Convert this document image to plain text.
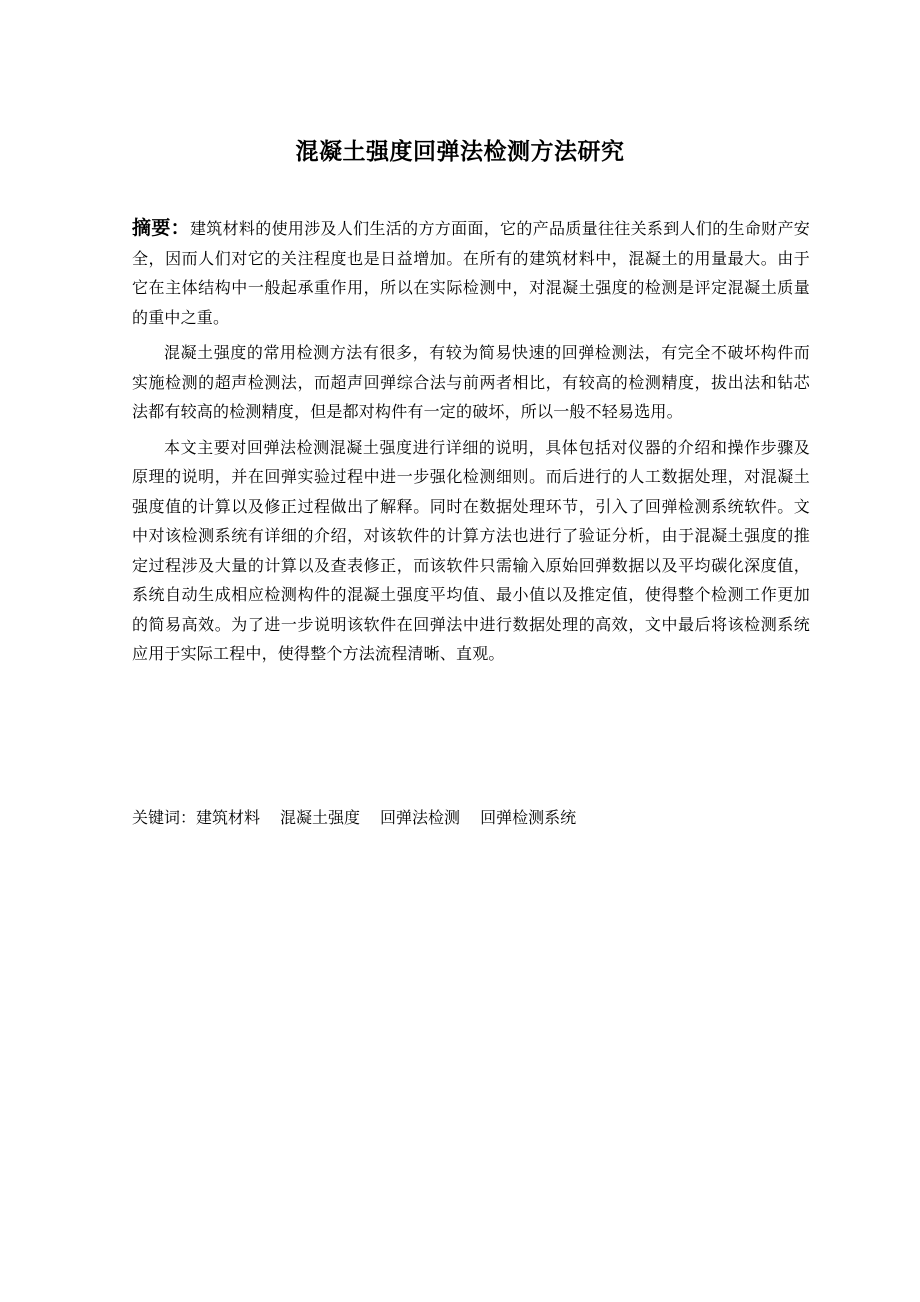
混凝土强度回弹法检测方法研究

摘要：建筑材料的使用涉及人们生活的方方面面，它的产品质量往往关系到人们的生命财产安全，因而人们对它的关注程度也是日益增加。在所有的建筑材料中，混凝土的用量最大。由于它在主体结构中一般起承重作用，所以在实际检测中，对混凝土强度的检测是评定混凝土质量的重中之重。

混凝土强度的常用检测方法有很多，有较为简易快速的回弹检测法，有完全不破坏构件而实施检测的超声检测法，而超声回弹综合法与前两者相比，有较高的检测精度，拔出法和钻芯法都有较高的检测精度，但是都对构件有一定的破坏，所以一般不轻易选用。

本文主要对回弹法检测混凝土强度进行详细的说明，具体包括对仪器的介绍和操作步骤及原理的说明，并在回弹实验过程中进一步强化检测细则。而后进行的人工数据处理，对混凝土强度值的计算以及修正过程做出了解释。同时在数据处理环节，引入了回弹检测系统软件。文中对该检测系统有详细的介绍，对该软件的计算方法也进行了验证分析，由于混凝土强度的推定过程涉及大量的计算以及查表修正，而该软件只需输入原始回弹数据以及平均碳化深度值，系统自动生成相应检测构件的混凝土强度平均值、最小值以及推定值，使得整个检测工作更加的简易高效。为了进一步说明该软件在回弹法中进行数据处理的高效，文中最后将该检测系统应用于实际工程中，使得整个方法流程清晰、直观。

关键词：建筑材料 混凝土强度 回弹法检测 回弹检测系统
